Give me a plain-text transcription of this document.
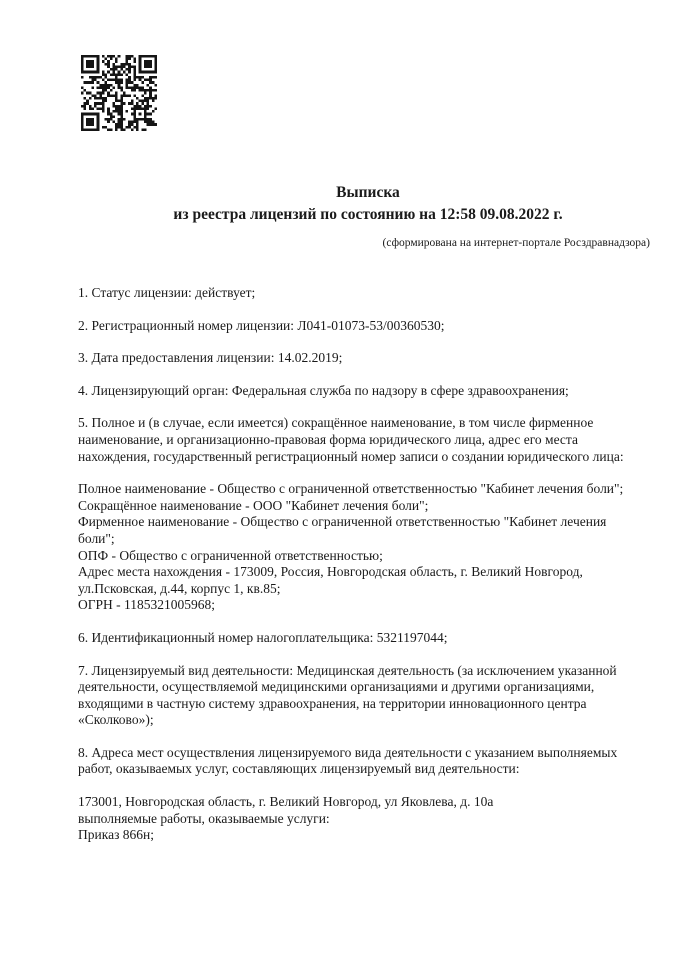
Выписка
из реестра лицензий по состоянию на 12:58 09.08.2022 г.
(сформирована на интернет-портале Росздравнадзора)

1. Статус лицензии: действует;

2. Регистрационный номер лицензии: Л041-01073-53/00360530;

3. Дата предоставления лицензии: 14.02.2019;

4. Лицензирующий орган: Федеральная служба по надзору в сфере здравоохранения;

5. Полное и (в случае, если имеется) сокращённое наименование, в том числе фирменное
наименование, и организационно-правовая форма юридического лица, адрес его места
нахождения, государственный регистрационный номер записи о создании юридического лица:

Полное наименование - Общество с ограниченной ответственностью "Кабинет лечения боли";
Сокращённое наименование - ООО "Кабинет лечения боли";
Фирменное наименование - Общество с ограниченной ответственностью "Кабинет лечения
боли";
ОПФ - Общество с ограниченной ответственностью;
Адрес места нахождения - 173009, Россия, Новгородская область, г. Великий Новгород,
ул.Псковская, д.44, корпус 1, кв.85;
ОГРН - 1185321005968;

6. Идентификационный номер налогоплательщика: 5321197044;

7. Лицензируемый вид деятельности: Медицинская деятельность (за исключением указанной
деятельности, осуществляемой медицинскими организациями и другими организациями,
входящими в частную систему здравоохранения, на территории инновационного центра
«Сколково»);

8. Адреса мест осуществления лицензируемого вида деятельности с указанием выполняемых
работ, оказываемых услуг, составляющих лицензируемый вид деятельности:

173001, Новгородская область, г. Великий Новгород, ул Яковлева, д. 10а
выполняемые работы, оказываемые услуги:
Приказ 866н;
